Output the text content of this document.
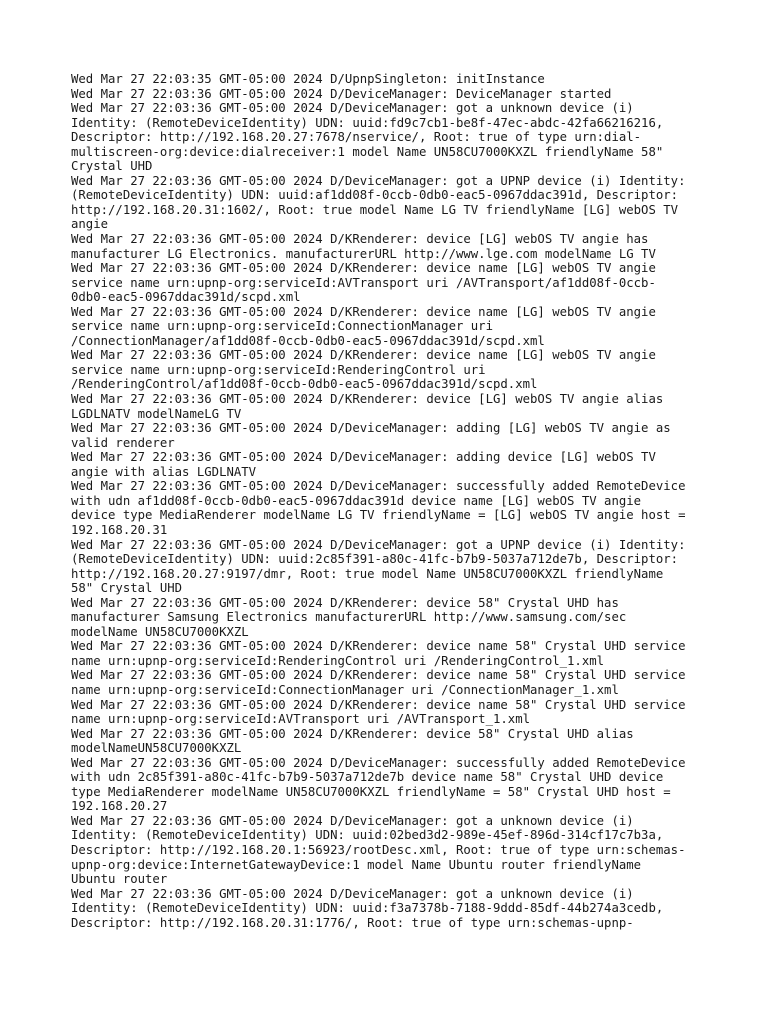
Wed Mar 27 22:03:35 GMT-05:00 2024 D/UpnpSingleton: initInstance
Wed Mar 27 22:03:36 GMT-05:00 2024 D/DeviceManager: DeviceManager started
Wed Mar 27 22:03:36 GMT-05:00 2024 D/DeviceManager: got a unknown device (i)
Identity: (RemoteDeviceIdentity) UDN: uuid:fd9c7cb1-be8f-47ec-abdc-42fa66216216,
Descriptor: http://192.168.20.27:7678/nservice/, Root: true of type urn:dial-
multiscreen-org:device:dialreceiver:1 model Name UN58CU7000KXZL friendlyName 58"
Crystal UHD
Wed Mar 27 22:03:36 GMT-05:00 2024 D/DeviceManager: got a UPNP device (i) Identity:
(RemoteDeviceIdentity) UDN: uuid:af1dd08f-0ccb-0db0-eac5-0967ddac391d, Descriptor:
http://192.168.20.31:1602/, Root: true model Name LG TV friendlyName [LG] webOS TV
angie
Wed Mar 27 22:03:36 GMT-05:00 2024 D/KRenderer: device [LG] webOS TV angie has
manufacturer LG Electronics. manufacturerURL http://www.lge.com modelName LG TV
Wed Mar 27 22:03:36 GMT-05:00 2024 D/KRenderer: device name [LG] webOS TV angie
service name urn:upnp-org:serviceId:AVTransport uri /AVTransport/af1dd08f-0ccb-
0db0-eac5-0967ddac391d/scpd.xml
Wed Mar 27 22:03:36 GMT-05:00 2024 D/KRenderer: device name [LG] webOS TV angie
service name urn:upnp-org:serviceId:ConnectionManager uri
/ConnectionManager/af1dd08f-0ccb-0db0-eac5-0967ddac391d/scpd.xml
Wed Mar 27 22:03:36 GMT-05:00 2024 D/KRenderer: device name [LG] webOS TV angie
service name urn:upnp-org:serviceId:RenderingControl uri
/RenderingControl/af1dd08f-0ccb-0db0-eac5-0967ddac391d/scpd.xml
Wed Mar 27 22:03:36 GMT-05:00 2024 D/KRenderer: device [LG] webOS TV angie alias
LGDLNATV modelNameLG TV
Wed Mar 27 22:03:36 GMT-05:00 2024 D/DeviceManager: adding [LG] webOS TV angie as
valid renderer
Wed Mar 27 22:03:36 GMT-05:00 2024 D/DeviceManager: adding device [LG] webOS TV
angie with alias LGDLNATV
Wed Mar 27 22:03:36 GMT-05:00 2024 D/DeviceManager: successfully added RemoteDevice
with udn af1dd08f-0ccb-0db0-eac5-0967ddac391d device name [LG] webOS TV angie
device type MediaRenderer modelName LG TV friendlyName = [LG] webOS TV angie host =
192.168.20.31
Wed Mar 27 22:03:36 GMT-05:00 2024 D/DeviceManager: got a UPNP device (i) Identity:
(RemoteDeviceIdentity) UDN: uuid:2c85f391-a80c-41fc-b7b9-5037a712de7b, Descriptor:
http://192.168.20.27:9197/dmr, Root: true model Name UN58CU7000KXZL friendlyName
58" Crystal UHD
Wed Mar 27 22:03:36 GMT-05:00 2024 D/KRenderer: device 58" Crystal UHD has
manufacturer Samsung Electronics manufacturerURL http://www.samsung.com/sec
modelName UN58CU7000KXZL
Wed Mar 27 22:03:36 GMT-05:00 2024 D/KRenderer: device name 58" Crystal UHD service
name urn:upnp-org:serviceId:RenderingControl uri /RenderingControl_1.xml
Wed Mar 27 22:03:36 GMT-05:00 2024 D/KRenderer: device name 58" Crystal UHD service
name urn:upnp-org:serviceId:ConnectionManager uri /ConnectionManager_1.xml
Wed Mar 27 22:03:36 GMT-05:00 2024 D/KRenderer: device name 58" Crystal UHD service
name urn:upnp-org:serviceId:AVTransport uri /AVTransport_1.xml
Wed Mar 27 22:03:36 GMT-05:00 2024 D/KRenderer: device 58" Crystal UHD alias
modelNameUN58CU7000KXZL
Wed Mar 27 22:03:36 GMT-05:00 2024 D/DeviceManager: successfully added RemoteDevice
with udn 2c85f391-a80c-41fc-b7b9-5037a712de7b device name 58" Crystal UHD device
type MediaRenderer modelName UN58CU7000KXZL friendlyName = 58" Crystal UHD host =
192.168.20.27
Wed Mar 27 22:03:36 GMT-05:00 2024 D/DeviceManager: got a unknown device (i)
Identity: (RemoteDeviceIdentity) UDN: uuid:02bed3d2-989e-45ef-896d-314cf17c7b3a,
Descriptor: http://192.168.20.1:56923/rootDesc.xml, Root: true of type urn:schemas-
upnp-org:device:InternetGatewayDevice:1 model Name Ubuntu router friendlyName
Ubuntu router
Wed Mar 27 22:03:36 GMT-05:00 2024 D/DeviceManager: got a unknown device (i)
Identity: (RemoteDeviceIdentity) UDN: uuid:f3a7378b-7188-9ddd-85df-44b274a3cedb,
Descriptor: http://192.168.20.31:1776/, Root: true of type urn:schemas-upnp-
